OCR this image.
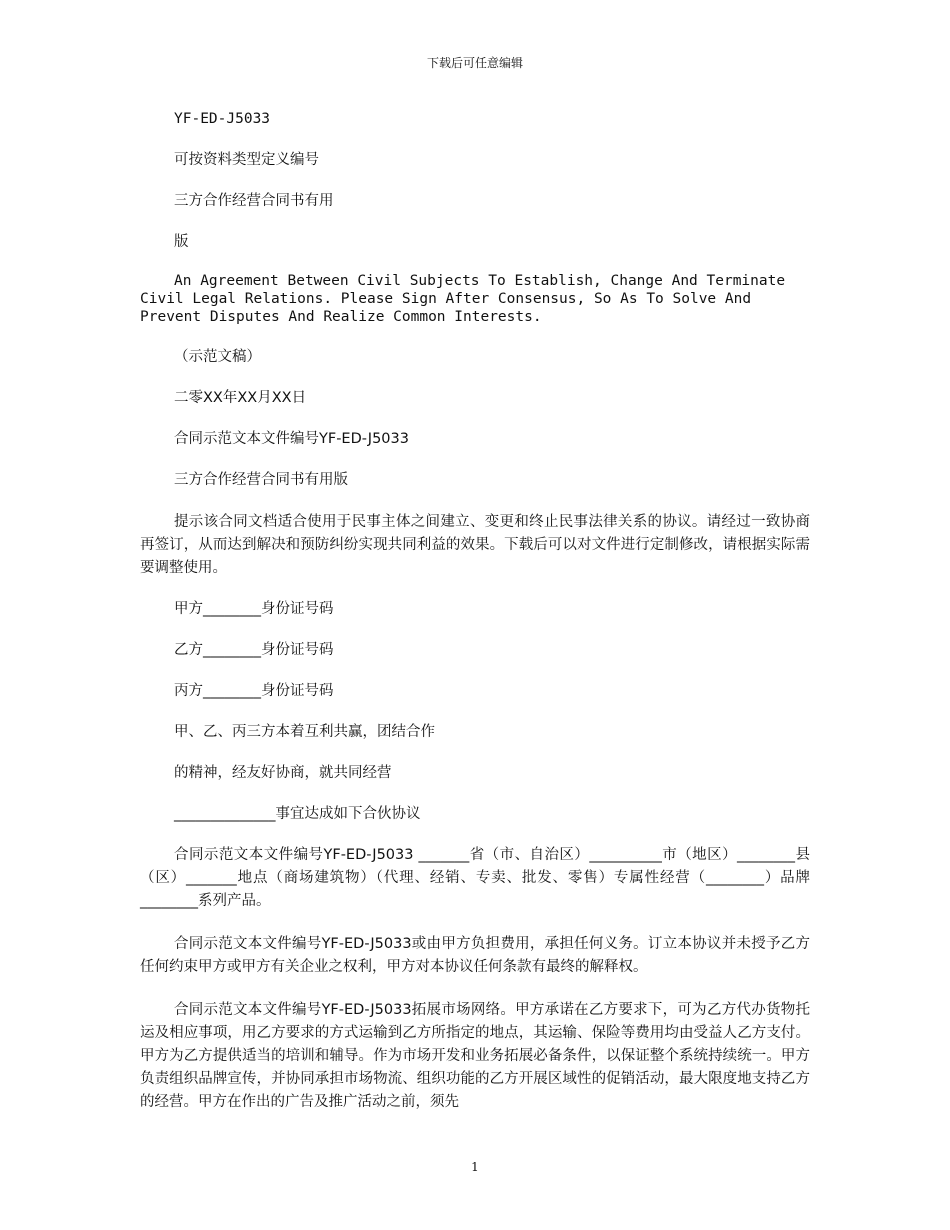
下载后可任意编辑

YF-ED-J5033

可按资料类型定义编号

三方合作经营合同书有用

版

An Agreement Between Civil Subjects To Establish, Change And Terminate Civil Legal Relations. Please Sign After Consensus, So As To Solve And Prevent Disputes And Realize Common Interests.

（示范文稿）

二零XX年XX月XX日

合同示范文本文件编号YF-ED-J5033

三方合作经营合同书有用版

提示该合同文档适合使用于民事主体之间建立、变更和终止民事法律关系的协议。请经过一致协商再签订，从而达到解决和预防纠纷实现共同利益的效果。下载后可以对文件进行定制修改，请根据实际需要调整使用。

甲方________身份证号码

乙方________身份证号码

丙方________身份证号码

甲、乙、丙三方本着互利共赢，团结合作

的精神，经友好协商，就共同经营

______________事宜达成如下合伙协议

合同示范文本文件编号YF-ED-J5033 _______省（市、自治区）__________市（地区）________县（区）_______地点（商场建筑物）（代理、经销、专卖、批发、零售）专属性经营（________）品牌________系列产品。

合同示范文本文件编号YF-ED-J5033或由甲方负担费用，承担任何义务。订立本协议并未授予乙方任何约束甲方或甲方有关企业之权利，甲方对本协议任何条款有最终的解释权。

合同示范文本文件编号YF-ED-J5033拓展市场网络。甲方承诺在乙方要求下，可为乙方代办货物托运及相应事项，用乙方要求的方式运输到乙方所指定的地点，其运输、保险等费用均由受益人乙方支付。甲方为乙方提供适当的培训和辅导。作为市场开发和业务拓展必备条件，以保证整个系统持续统一。甲方负责组织品牌宣传，并协同承担市场物流、组织功能的乙方开展区域性的促销活动，最大限度地支持乙方的经营。甲方在作出的广告及推广活动之前，须先

1
